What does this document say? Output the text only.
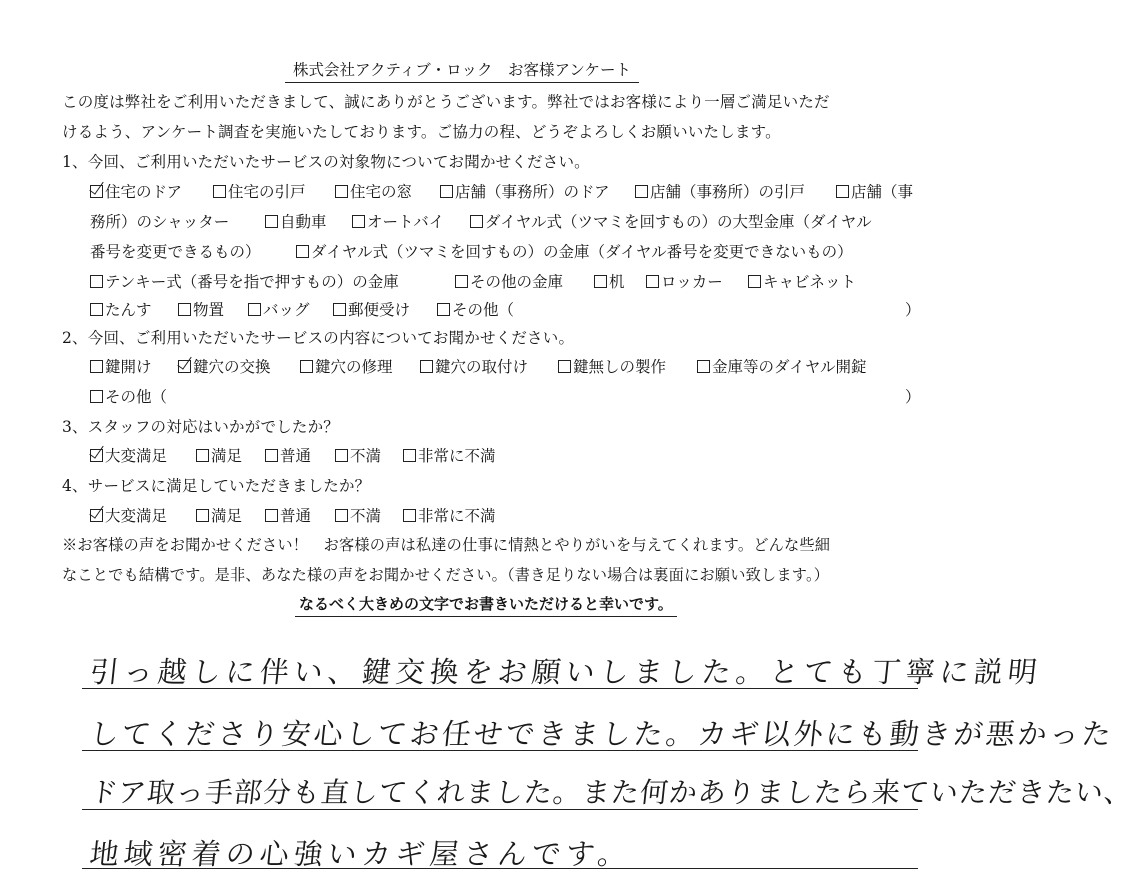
株式会社アクティブ・ロック　お客様アンケート
この度は弊社をご利用いただきまして、誠にありがとうございます。弊社ではお客様により一層ご満足いただ
けるよう、アンケート調査を実施いたしております。ご協力の程、どうぞよろしくお願いいたします。
1、今回、ご利用いただいたサービスの対象物についてお聞かせください。
住宅のドア	住宅の引戸	住宅の窓	店舗（事務所）のドア	店舗（事務所）の引戸	店舗（事
務所）のシャッター	自動車	オートバイ	ダイヤル式（ツマミを回すもの）の大型金庫（ダイヤル
番号を変更できるもの）	ダイヤル式（ツマミを回すもの）の金庫（ダイヤル番号を変更できないもの）
テンキー式（番号を指で押すもの）の金庫	その他の金庫	机	ロッカー	キャビネット
たんす	物置	バッグ	郵便受け	その他（	）
2、今回、ご利用いただいたサービスの内容についてお聞かせください。
鍵開け	鍵穴の交換	鍵穴の修理	鍵穴の取付け	鍵無しの製作	金庫等のダイヤル開錠
その他（	）
3、スタッフの対応はいかがでしたか？
大変満足	満足	普通	不満	非常に不満
4、サービスに満足していただきましたか？
大変満足	満足	普通	不満	非常に不満
※お客様の声をお聞かせください！　お客様の声は私達の仕事に情熱とやりがいを与えてくれます。どんな些細
なことでも結構です。是非、あなた様の声をお聞かせください。（書き足りない場合は裏面にお願い致します。）
なるべく大きめの文字でお書きいただけると幸いです。
引っ越しに伴い、鍵交換をお願いしました。とても丁寧に説明
してくださり安心してお任せできました。カギ以外にも動きが悪かった
ドア取っ手部分も直してくれました。また何かありましたら来ていただきたい、
地域密着の心強いカギ屋さんです。
